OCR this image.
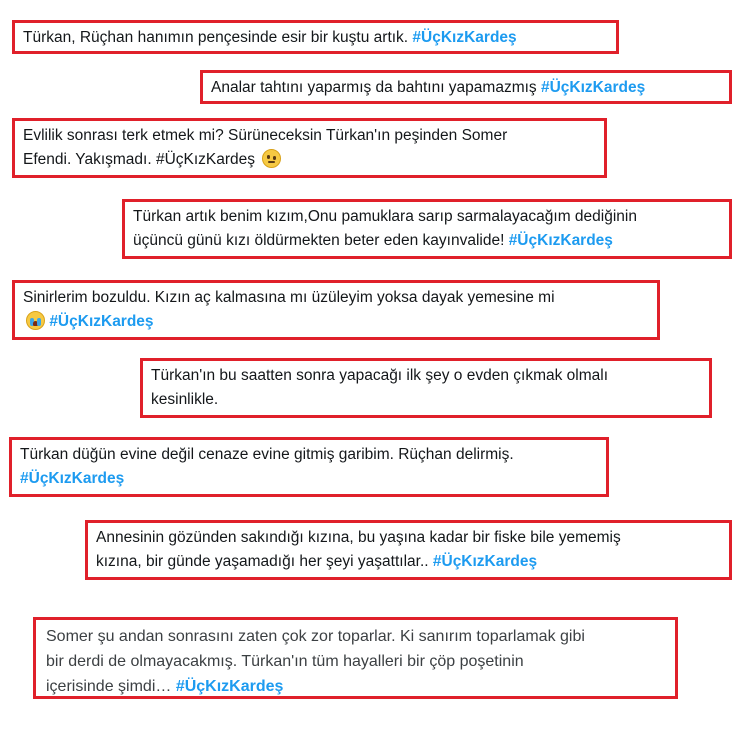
Türkan, Rüçhan hanımın pençesinde esir bir kuştu artık. #ÜçKızKardeş
Analar tahtını yaparmış da bahtını yapamazmış #ÜçKızKardeş
Evlilik sonrası terk etmek mi? Sürüneceksin Türkan'ın peşinden Somer
Efendi. Yakışmadı. #ÜçKızKardeş
Türkan artık benim kızım,Onu pamuklara sarıp sarmalayacağım dediğinin
üçüncü günü kızı öldürmekten beter eden kayınvalide! #ÜçKızKardeş
Sinirlerim bozuldu. Kızın aç kalmasına mı üzüleyim yoksa dayak yemesine mi
#ÜçKızKardeş
Türkan'ın bu saatten sonra yapacağı ilk şey o evden çıkmak olmalı
kesinlikle.
Türkan düğün evine değil cenaze evine gitmiş garibim. Rüçhan delirmiş.
#ÜçKızKardeş
Annesinin gözünden sakındığı kızına, bu yaşına kadar bir fiske bile yememiş
kızına, bir günde yaşamadığı her şeyi yaşattılar.. #ÜçKızKardeş
Somer şu andan sonrasını zaten çok zor toparlar. Ki sanırım toparlamak gibi
bir derdi de olmayacakmış. Türkan'ın tüm hayalleri bir çöp poşetinin
içerisinde şimdi… #ÜçKızKardeş
